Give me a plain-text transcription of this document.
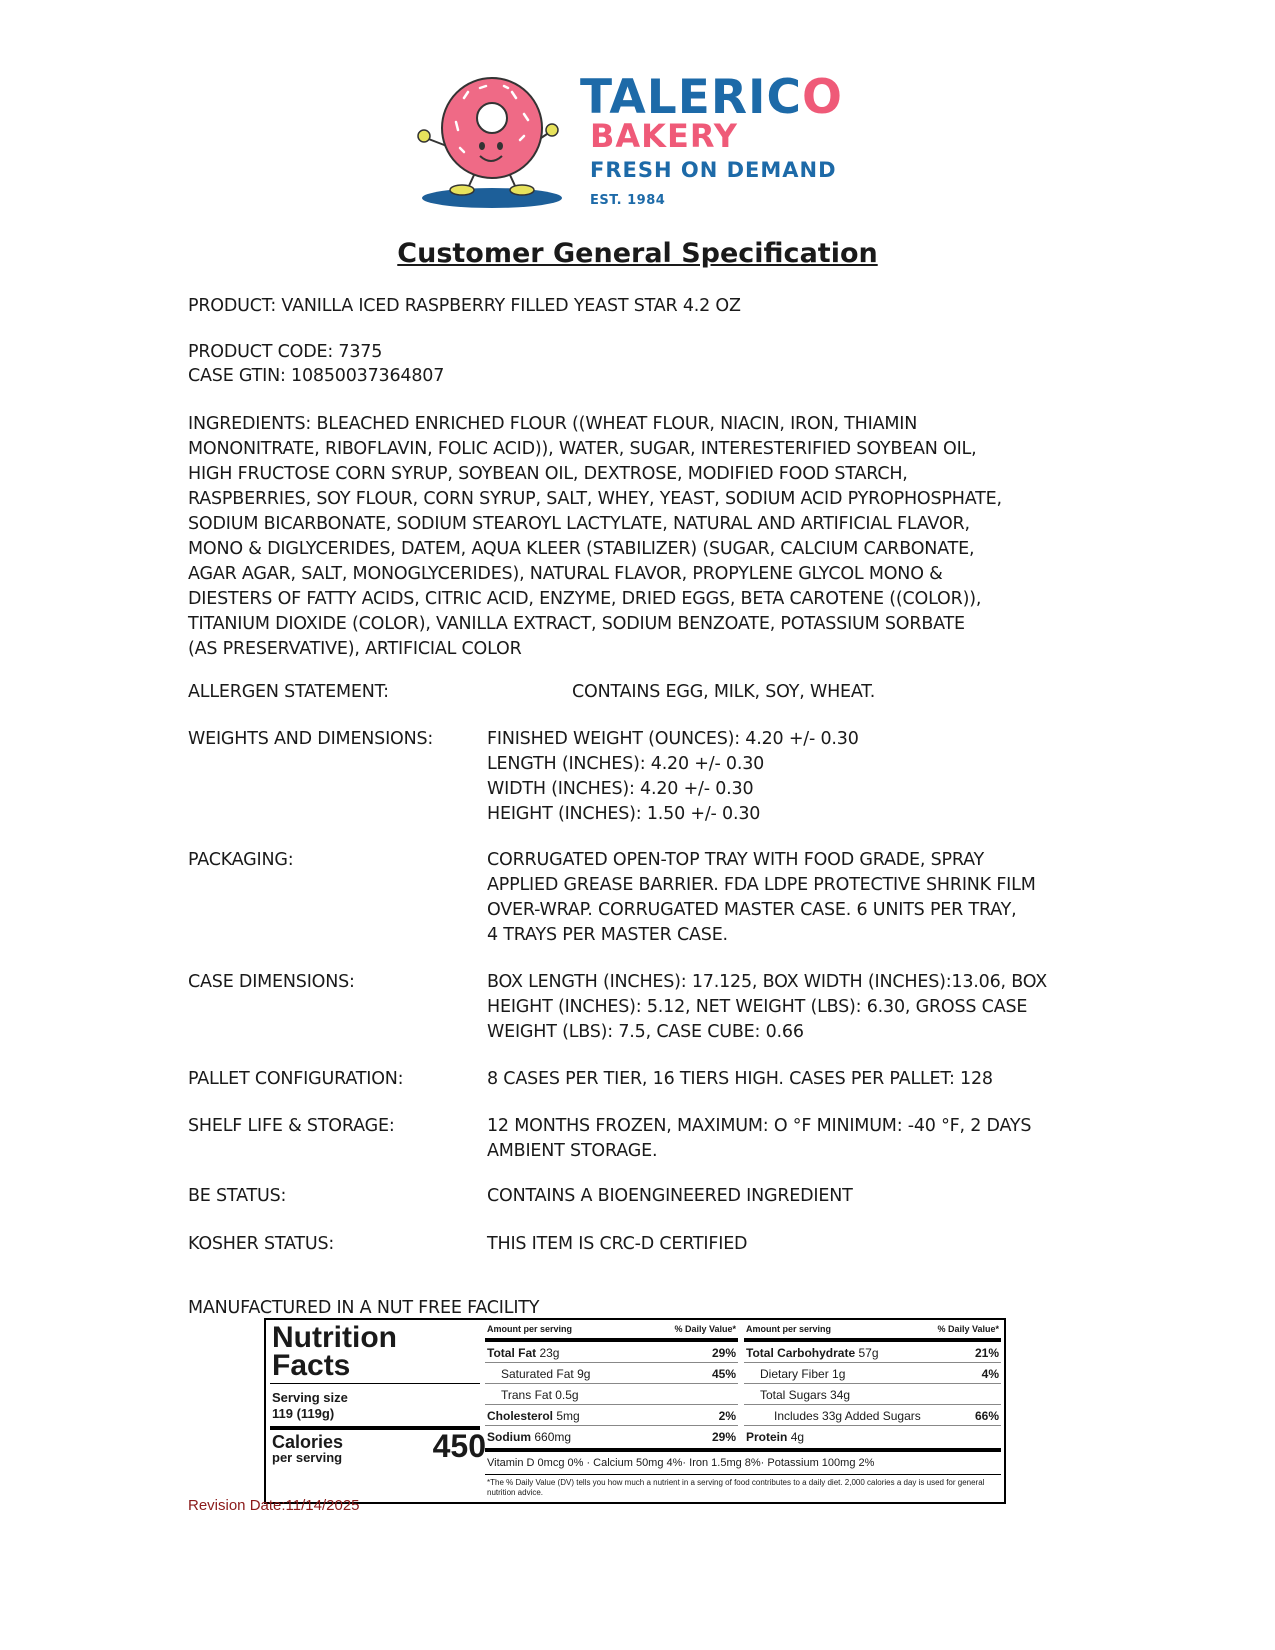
TALERICO
BAKERY
FRESH ON DEMAND
EST. 1984
Customer General Specification
PRODUCT: VANILLA ICED RASPBERRY FILLED YEAST STAR 4.2 OZ
PRODUCT CODE: 7375
CASE GTIN: 10850037364807
INGREDIENTS: BLEACHED ENRICHED FLOUR ((WHEAT FLOUR, NIACIN, IRON, THIAMIN
MONONITRATE, RIBOFLAVIN, FOLIC ACID)), WATER, SUGAR, INTERESTERIFIED SOYBEAN OIL,
HIGH FRUCTOSE CORN SYRUP, SOYBEAN OIL, DEXTROSE, MODIFIED FOOD STARCH,
RASPBERRIES, SOY FLOUR, CORN SYRUP, SALT, WHEY, YEAST, SODIUM ACID PYROPHOSPHATE,
SODIUM BICARBONATE, SODIUM STEAROYL LACTYLATE, NATURAL AND ARTIFICIAL FLAVOR,
MONO & DIGLYCERIDES, DATEM, AQUA KLEER (STABILIZER) (SUGAR, CALCIUM CARBONATE,
AGAR AGAR, SALT, MONOGLYCERIDES), NATURAL FLAVOR, PROPYLENE GLYCOL MONO &
DIESTERS OF FATTY ACIDS, CITRIC ACID, ENZYME, DRIED EGGS, BETA CAROTENE ((COLOR)),
TITANIUM DIOXIDE (COLOR), VANILLA EXTRACT, SODIUM BENZOATE, POTASSIUM SORBATE
(AS PRESERVATIVE), ARTIFICIAL COLOR
ALLERGEN STATEMENT:	CONTAINS EGG, MILK, SOY, WHEAT.
WEIGHTS AND DIMENSIONS:	FINISHED WEIGHT (OUNCES): 4.20 +/- 0.30
LENGTH (INCHES): 4.20 +/- 0.30
WIDTH (INCHES): 4.20 +/- 0.30
HEIGHT (INCHES): 1.50 +/- 0.30
PACKAGING:	CORRUGATED OPEN-TOP TRAY WITH FOOD GRADE, SPRAY
APPLIED GREASE BARRIER. FDA LDPE PROTECTIVE SHRINK FILM
OVER-WRAP. CORRUGATED MASTER CASE. 6 UNITS PER TRAY,
4 TRAYS PER MASTER CASE.
CASE DIMENSIONS:	BOX LENGTH (INCHES): 17.125, BOX WIDTH (INCHES):13.06, BOX
HEIGHT (INCHES): 5.12, NET WEIGHT (LBS): 6.30, GROSS CASE
WEIGHT (LBS): 7.5, CASE CUBE: 0.66
PALLET CONFIGURATION:	8 CASES PER TIER, 16 TIERS HIGH. CASES PER PALLET: 128
SHELF LIFE & STORAGE:	12 MONTHS FROZEN, MAXIMUM: O °F MINIMUM: -40 °F, 2 DAYS
AMBIENT STORAGE.
BE STATUS:	CONTAINS A BIOENGINEERED INGREDIENT
KOSHER STATUS:	THIS ITEM IS CRC-D CERTIFIED
MANUFACTURED IN A NUT FREE FACILITY
Nutrition
Facts
Serving size
119 (119g)
Calories
per serving	450
Amount per serving	% Daily Value*
Total Fat 23g	29%
Saturated Fat 9g	45%
Trans Fat 0.5g
Cholesterol 5mg	2%
Sodium 660mg	29%
Amount per serving	% Daily Value*
Total Carbohydrate 57g	21%
Dietary Fiber 1g	4%
Total Sugars 34g
Includes 33g Added Sugars	66%
Protein 4g
Vitamin D 0mcg 0% · Calcium 50mg 4%· Iron 1.5mg 8%· Potassium 100mg 2%
*The % Daily Value (DV) tells you how much a nutrient in a serving of food contributes to a daily diet. 2,000 calories a day is used for general nutrition advice.
Revision Date:11/14/2025
